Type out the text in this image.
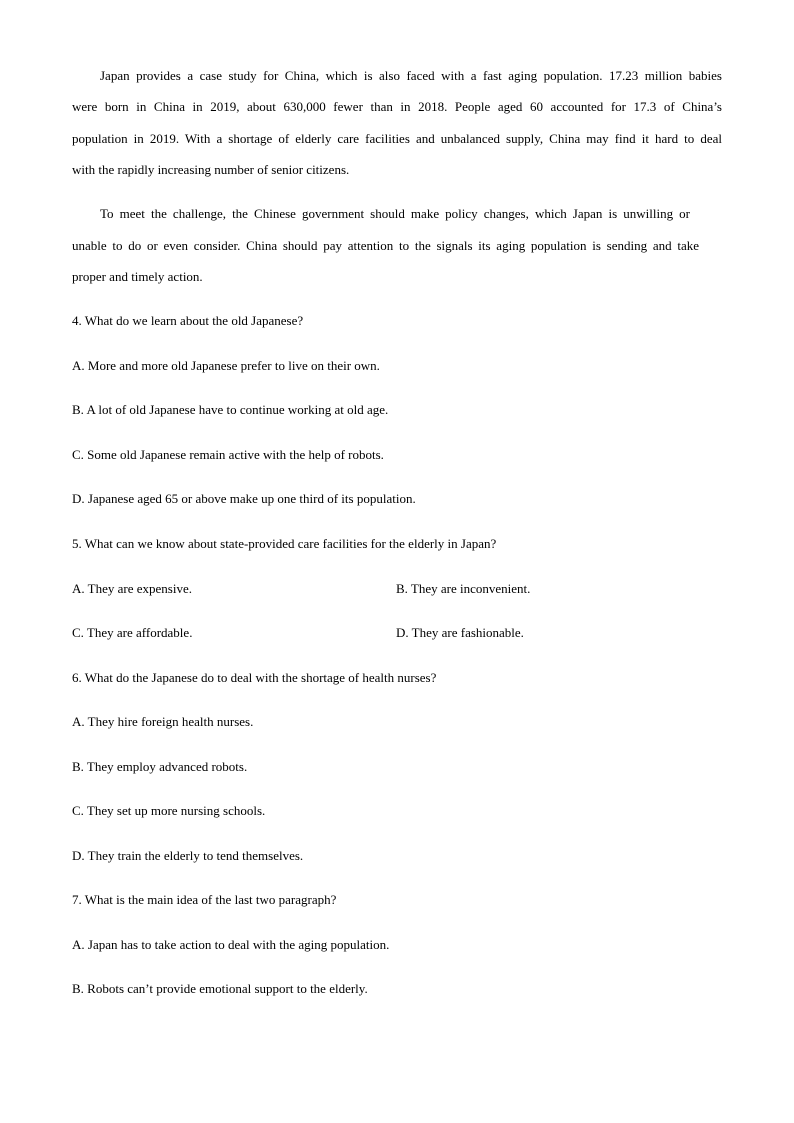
Japan provides a case study for China, which is also faced with a fast aging population. 17.23 million babies
were born in China in 2019, about 630,000 fewer than in 2018. People aged 60 accounted for 17.3 of China’s
population in 2019. With a shortage of elderly care facilities and unbalanced supply, China may find it hard to deal
with the rapidly increasing number of senior citizens.
To meet the challenge, the Chinese government should make policy changes, which Japan is unwilling or
unable to do or even consider. China should pay attention to the signals its aging population is sending and take
proper and timely action.
4. What do we learn about the old Japanese?
A. More and more old Japanese prefer to live on their own.
B. A lot of old Japanese have to continue working at old age.
C. Some old Japanese remain active with the help of robots.
D. Japanese aged 65 or above make up one third of its population.
5. What can we know about state-provided care facilities for the elderly in Japan?
A. They are expensive.	B. They are inconvenient.
C. They are affordable.	D. They are fashionable.
6. What do the Japanese do to deal with the shortage of health nurses?
A. They hire foreign health nurses.
B. They employ advanced robots.
C. They set up more nursing schools.
D. They train the elderly to tend themselves.
7. What is the main idea of the last two paragraph?
A. Japan has to take action to deal with the aging population.
B. Robots can’t provide emotional support to the elderly.
